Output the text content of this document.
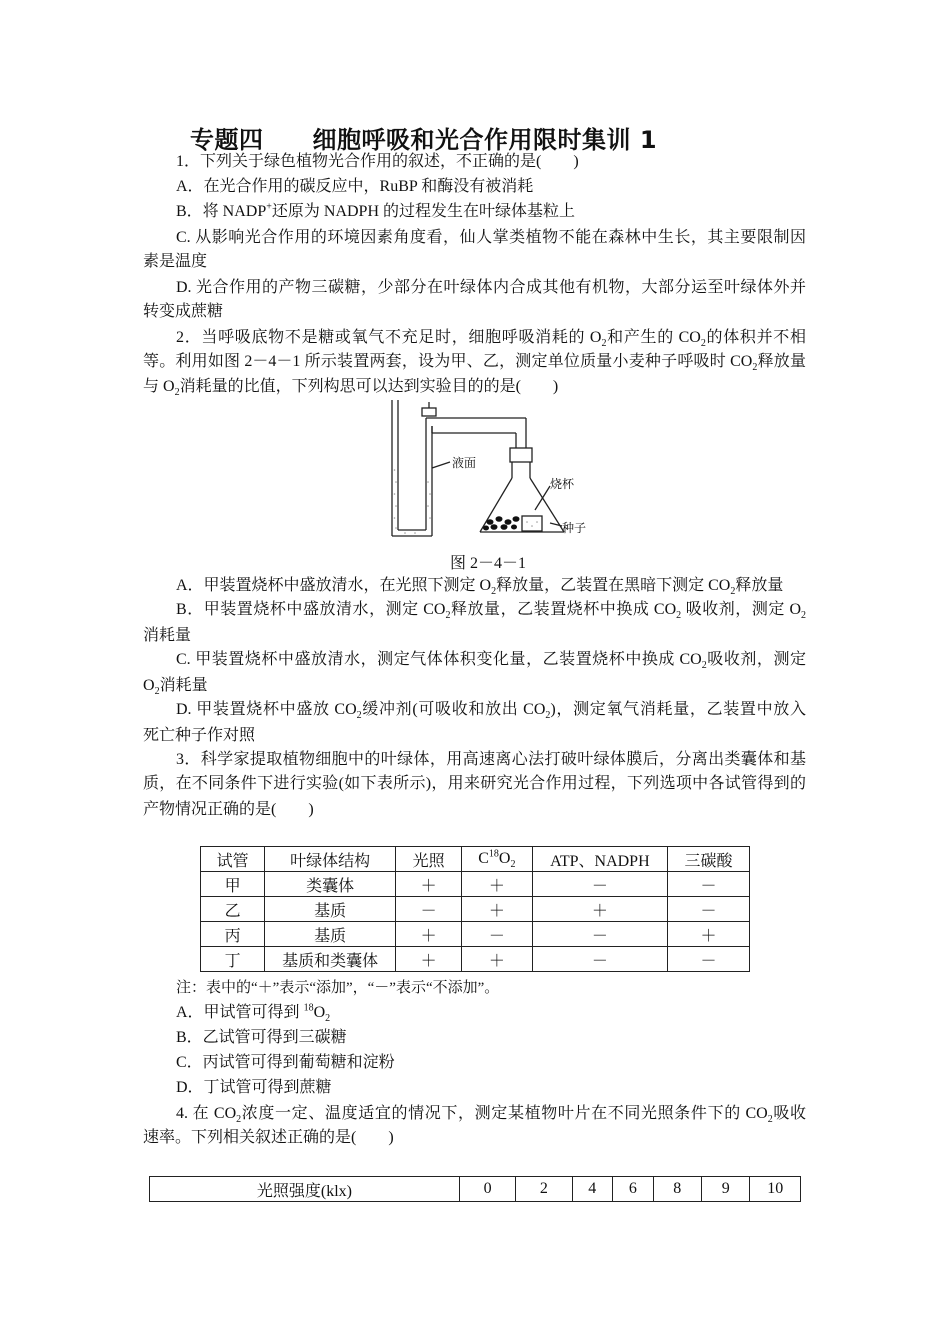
专题四　　细胞呼吸和光合作用限时集训 1
1．下列关于绿色植物光合作用的叙述，不正确的是(　　)
A．在光合作用的碳反应中，RuBP 和酶没有被消耗
B．将 NADP+还原为 NADPH 的过程发生在叶绿体基粒上
C. 从影响光合作用的环境因素角度看，仙人掌类植物不能在森林中生长，其主要限制因
素是温度
D. 光合作用的产物三碳糖，少部分在叶绿体内合成其他有机物，大部分运至叶绿体外并
转变成蔗糖
2．当呼吸底物不是糖或氧气不充足时，细胞呼吸消耗的 $O_2$和产生的 $CO_2$的体积并不相
等。利用如图 2－4－1 所示装置两套，设为甲、乙，测定单位质量小麦种子呼吸时 $CO_2$释放量
与 $O_2$消耗量的比值，下列构思可以达到实验目的的是(　　)
液面
烧杯
种子
图 2－4－1
A．甲装置烧杯中盛放清水，在光照下测定 $O_2$释放量，乙装置在黑暗下测定 $CO_2$释放量
B．甲装置烧杯中盛放清水，测定 $CO_2$释放量，乙装置烧杯中换成 $CO_2$ 吸收剂，测定 $O_2$
消耗量
C. 甲装置烧杯中盛放清水，测定气体体积变化量，乙装置烧杯中换成 $CO_2$吸收剂，测定
$O_2$消耗量
D. 甲装置烧杯中盛放 $CO_2$缓冲剂(可吸收和放出 $CO_2$)，测定氧气消耗量，乙装置中放入
死亡种子作对照
3．科学家提取植物细胞中的叶绿体，用高速离心法打破叶绿体膜后，分离出类囊体和基
质，在不同条件下进行实验(如下表所示)，用来研究光合作用过程，下列选项中各试管得到的
产物情况正确的是(　　)
试管	叶绿体结构	光照	$C^{18}O_2$	ATP、NADPH	三碳酸
甲	类囊体	＋	＋	－	－
乙	基质	－	＋	＋	－
丙	基质	＋	－	－	＋
丁	基质和类囊体	＋	＋	－	－
注：表中的“＋”表示“添加”，“－”表示“不添加”。
A．甲试管可得到 $^{18}O_2$
B．乙试管可得到三碳糖
C．丙试管可得到葡萄糖和淀粉
D．丁试管可得到蔗糖
4. 在 $CO_2$浓度一定、温度适宜的情况下，测定某植物叶片在不同光照条件下的 $CO_2$吸收
速率。下列相关叙述正确的是(　　)
光照强度(klx)	0	2	4	6	8	9	10
